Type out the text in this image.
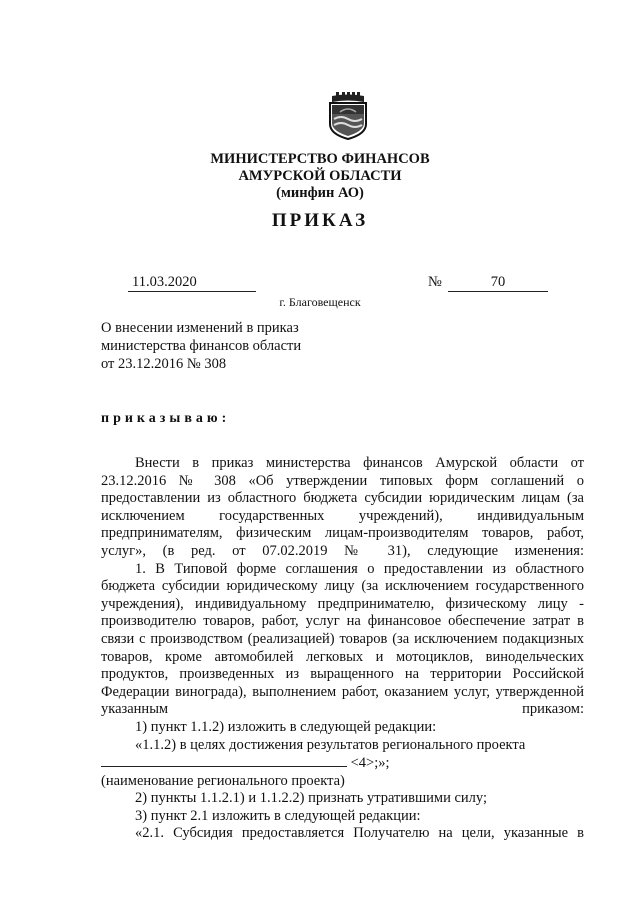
МИНИСТЕРСТВО ФИНАНСОВ
АМУРСКОЙ ОБЛАСТИ
(минфин АО)
ПРИКАЗ
11.03.2020	№	70
г. Благовещенск
О внесении изменений в приказ
министерства финансов области
от 23.12.2016 № 308
приказываю:

Внести в приказ министерства финансов Амурской области от 23.12.2016 № 308 «Об утверждении типовых форм соглашений о предоставлении из областного бюджета субсидии юридическим лицам (за исключением государственных учреждений), индивидуальным предпринимателям, физическим лицам-производителям товаров, работ, услуг», (в ред. от 07.02.2019 № 31), следующие изменения:

1. В Типовой форме соглашения о предоставлении из областного бюджета субсидии юридическому лицу (за исключением государственного учреждения), индивидуальному предпринимателю, физическому лицу - производителю товаров, работ, услуг на финансовое обеспечение затрат в связи с производством (реализацией) товаров (за исключением подакцизных товаров, кроме автомобилей легковых и мотоциклов, винодельческих продуктов, произведенных из выращенного на территории Российской Федерации винограда), выполнением работ, оказанием услуг, утвержденной указанным приказом:

1) пункт 1.1.2) изложить в следующей редакции:

«1.1.2) в целях достижения результатов регионального проекта

<4>;»;

(наименование регионального проекта)

2) пункты 1.1.2.1) и 1.1.2.2) признать утратившими силу;

3) пункт 2.1 изложить в следующей редакции:

«2.1. Субсидия предоставляется Получателю на цели, указанные в
